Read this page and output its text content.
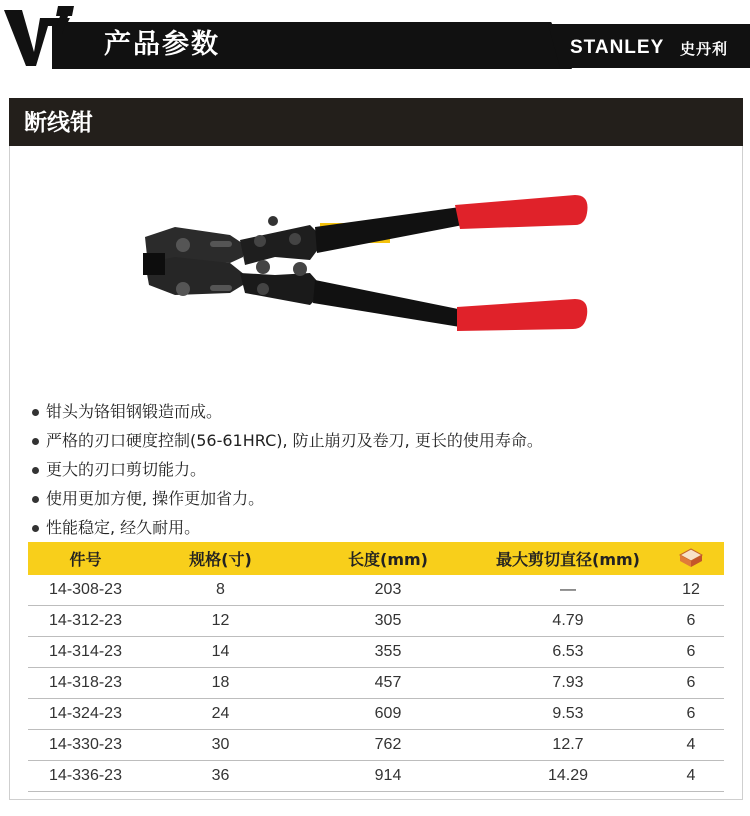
产品参数	STANLEY 史丹利
断线钳
钳头为铬钼钢锻造而成。
严格的刃口硬度控制(56-61HRC), 防止崩刃及卷刀, 更长的使用寿命。
更大的刃口剪切能力。
使用更加方便, 操作更加省力。
性能稳定, 经久耐用。
件号	规格(寸)	长度(mm)	最大剪切直径(mm)
14-308-23	8	203	—	12
14-312-23	12	305	4.79	6
14-314-23	14	355	6.53	6
14-318-23	18	457	7.93	6
14-324-23	24	609	9.53	6
14-330-23	30	762	12.7	4
14-336-23	36	914	14.29	4
